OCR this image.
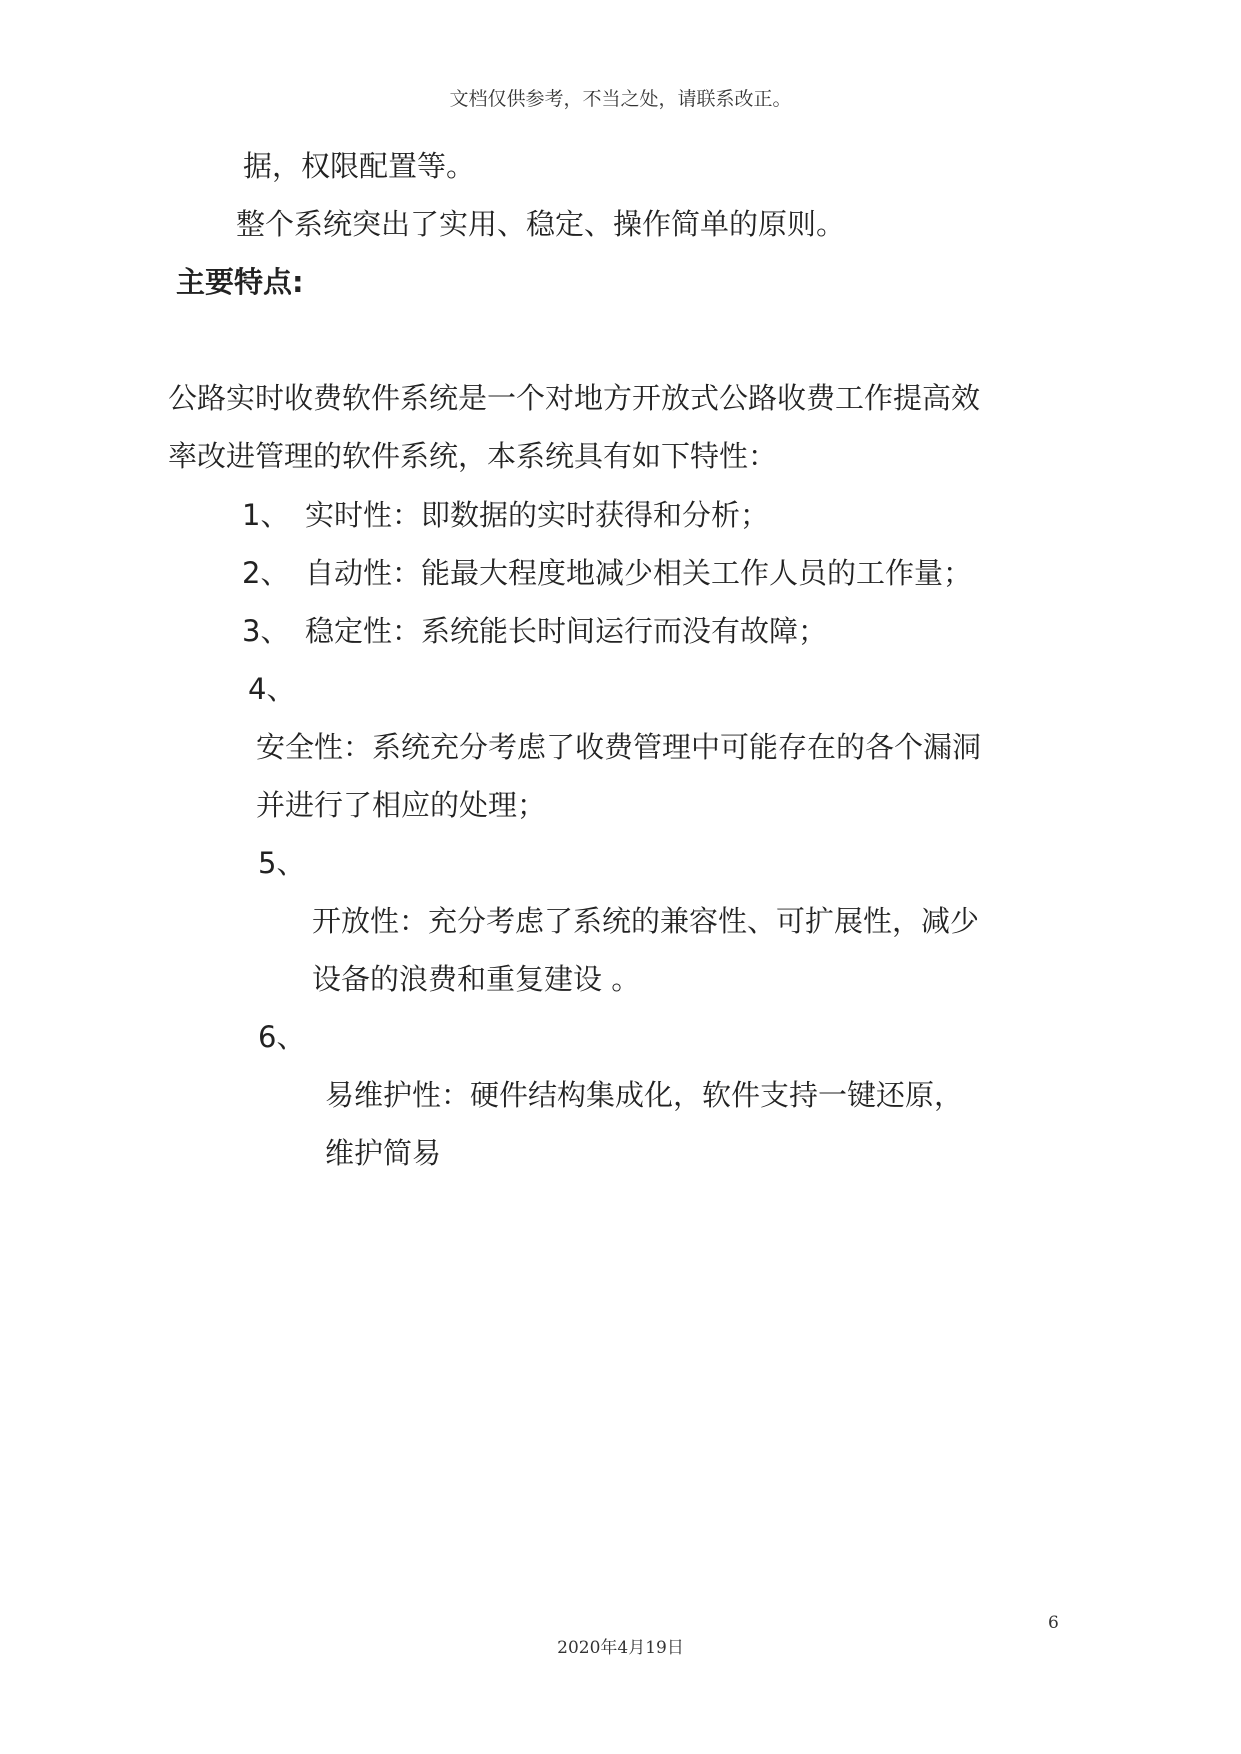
文档仅供参考，不当之处，请联系改正。
据，权限配置等。
整个系统突出了实用、稳定、操作简单的原则。
主要特点:
公路实时收费软件系统是一个对地方开放式公路收费工作提高效
率改进管理的软件系统，本系统具有如下特性：
1、 实时性：即数据的实时获得和分析；
2、 自动性：能最大程度地减少相关工作人员的工作量；
3、 稳定性：系统能长时间运行而没有故障；
4、
安全性：系统充分考虑了收费管理中可能存在的各个漏洞
并进行了相应的处理；
5、
开放性：充分考虑了系统的兼容性、可扩展性，减少
设备的浪费和重复建设 。
6、
易维护性：硬件结构集成化，软件支持一键还原，
维护简易
6
2020年4月19日
